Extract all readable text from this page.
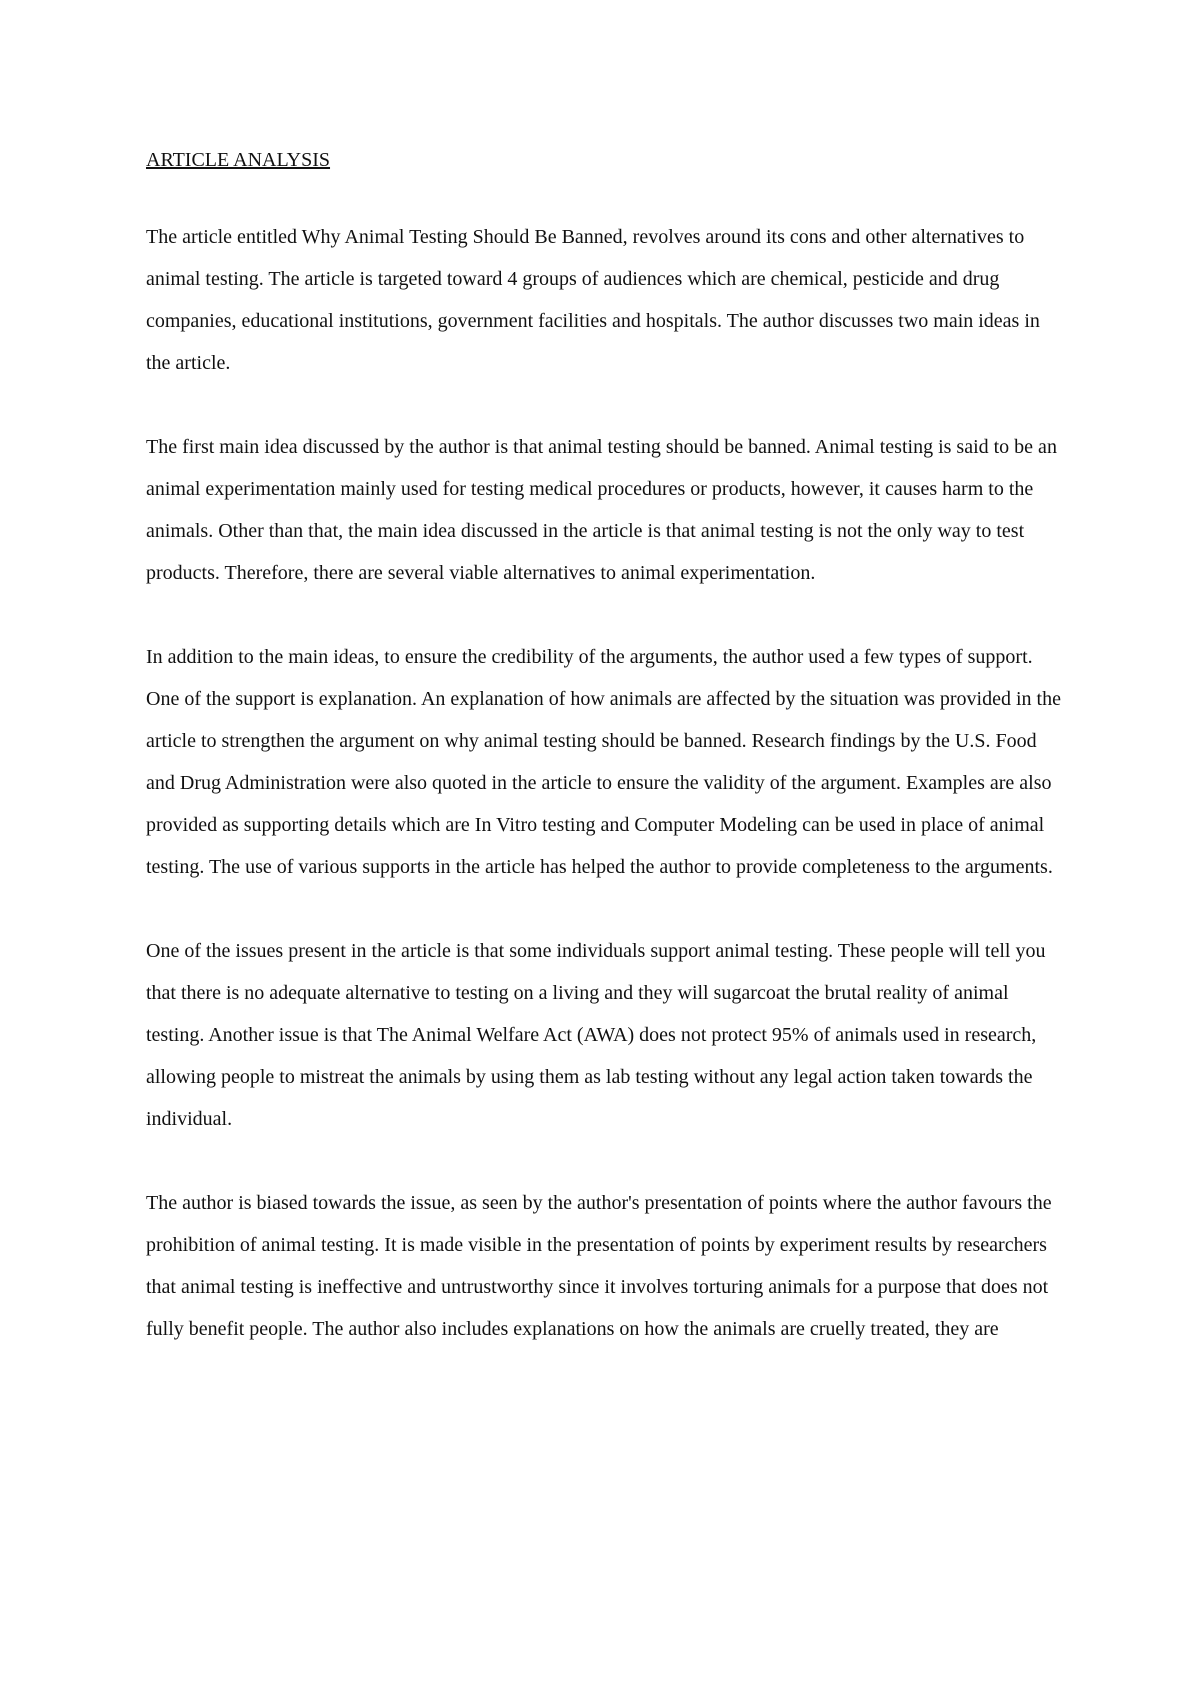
ARTICLE ANALYSIS

The article entitled Why Animal Testing Should Be Banned, revolves around its cons and other alternatives to animal testing. The article is targeted toward 4 groups of audiences which are chemical, pesticide and drug companies, educational institutions, government facilities and hospitals. The author discusses two main ideas in the article.

The first main idea discussed by the author is that animal testing should be banned. Animal testing is said to be an animal experimentation mainly used for testing medical procedures or products, however, it causes harm to the animals. Other than that, the main idea discussed in the article is that animal testing is not the only way to test products. Therefore, there are several viable alternatives to animal experimentation.

In addition to the main ideas, to ensure the credibility of the arguments, the author used a few types of support. One of the support is explanation. An explanation of how animals are affected by the situation was provided in the article to strengthen the argument on why animal testing should be banned. Research findings by the U.S. Food and Drug Administration were also quoted in the article to ensure the validity of the argument. Examples are also provided as supporting details which are In Vitro testing and Computer Modeling can be used in place of animal testing. The use of various supports in the article has helped the author to provide completeness to the arguments.

One of the issues present in the article is that some individuals support animal testing. These people will tell you that there is no adequate alternative to testing on a living and they will sugarcoat the brutal reality of animal testing. Another issue is that The Animal Welfare Act (AWA) does not protect 95% of animals used in research, allowing people to mistreat the animals by using them as lab testing without any legal action taken towards the individual.

The author is biased towards the issue, as seen by the author's presentation of points where the author favours the prohibition of animal testing. It is made visible in the presentation of points by experiment results by researchers that animal testing is ineffective and untrustworthy since it involves torturing animals for a purpose that does not fully benefit people. The author also includes explanations on how the animals are cruelly treated, they are
